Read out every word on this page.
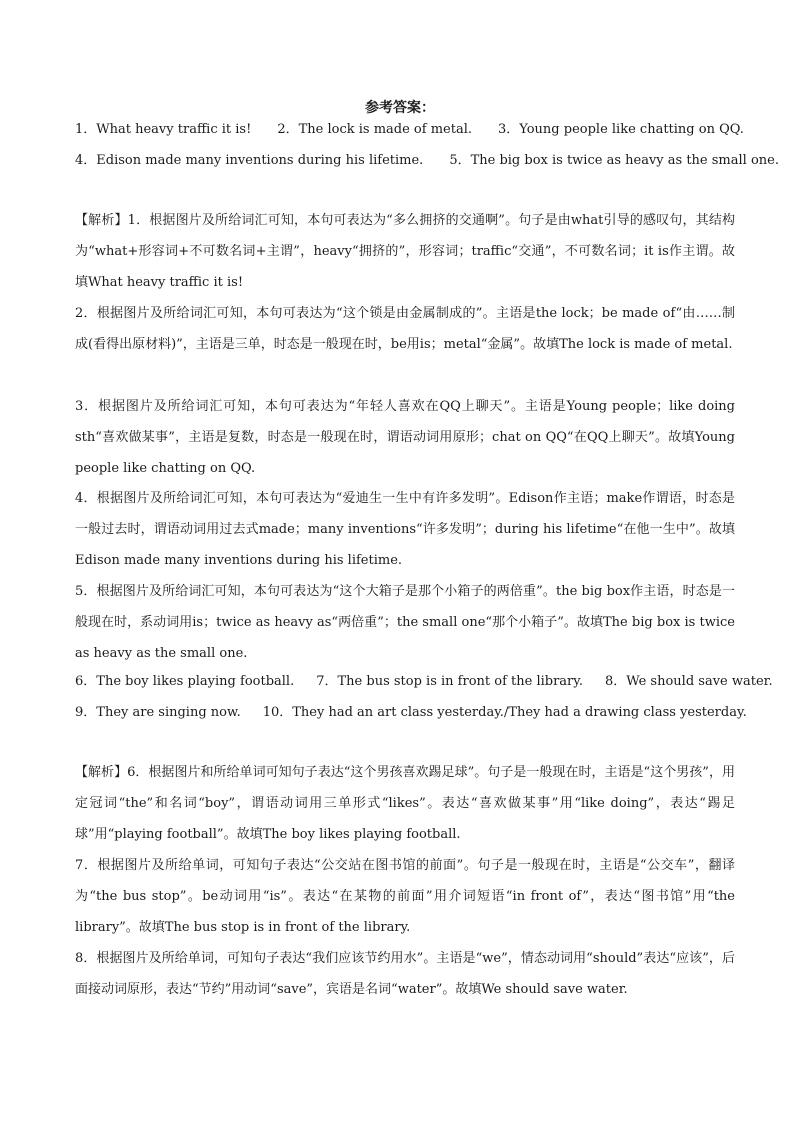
参考答案：
1．What heavy traffic it is! 2．The lock is made of metal. 3．Young people like chatting on QQ.
4．Edison made many inventions during his lifetime. 5．The big box is twice as heavy as the small one.
【解析】1．根据图片及所给词汇可知，本句可表达为“多么拥挤的交通啊”。句子是由what引导的感叹句，其结构为“what+形容词+不可数名词+主谓”，heavy“拥挤的”，形容词；traffic“交通”，不可数名词；it is作主谓。故填What heavy traffic it is!
2．根据图片及所给词汇可知，本句可表达为“这个锁是由金属制成的”。主语是the lock；be made of“由……制成(看得出原材料)”，主语是三单，时态是一般现在时，be用is；metal“金属”。故填The lock is made of metal.
3．根据图片及所给词汇可知，本句可表达为“年轻人喜欢在QQ上聊天”。主语是Young people；like doing sth“喜欢做某事”，主语是复数，时态是一般现在时，谓语动词用原形；chat on QQ“在QQ上聊天”。故填Young people like chatting on QQ.
4．根据图片及所给词汇可知，本句可表达为“爱迪生一生中有许多发明”。Edison作主语；make作谓语，时态是一般过去时，谓语动词用过去式made；many inventions“许多发明”；during his lifetime“在他一生中”。故填Edison made many inventions during his lifetime.
5．根据图片及所给词汇可知，本句可表达为“这个大箱子是那个小箱子的两倍重”。the big box作主语，时态是一般现在时，系动词用is；twice as heavy as“两倍重”；the small one“那个小箱子”。故填The big box is twice as heavy as the small one.
6．The boy likes playing football. 7．The bus stop is in front of the library. 8．We should save water.
9．They are singing now. 10．They had an art class yesterday./They had a drawing class yesterday.
【解析】6．根据图片和所给单词可知句子表达“这个男孩喜欢踢足球”。句子是一般现在时，主语是“这个男孩”，用定冠词“the”和名词“boy”，谓语动词用三单形式“likes”。表达“喜欢做某事”用“like doing”，表达“踢足球”用“playing football”。故填The boy likes playing football.
7．根据图片及所给单词，可知句子表达“公交站在图书馆的前面”。句子是一般现在时，主语是“公交车”，翻译为“the bus stop”。be动词用“is”。表达“在某物的前面”用介词短语“in front of”，表达“图书馆”用“the library”。故填The bus stop is in front of the library.
8．根据图片及所给单词，可知句子表达“我们应该节约用水”。主语是“we”，情态动词用“should”表达“应该”，后面接动词原形，表达“节约”用动词“save”，宾语是名词“water”。故填We should save water.
